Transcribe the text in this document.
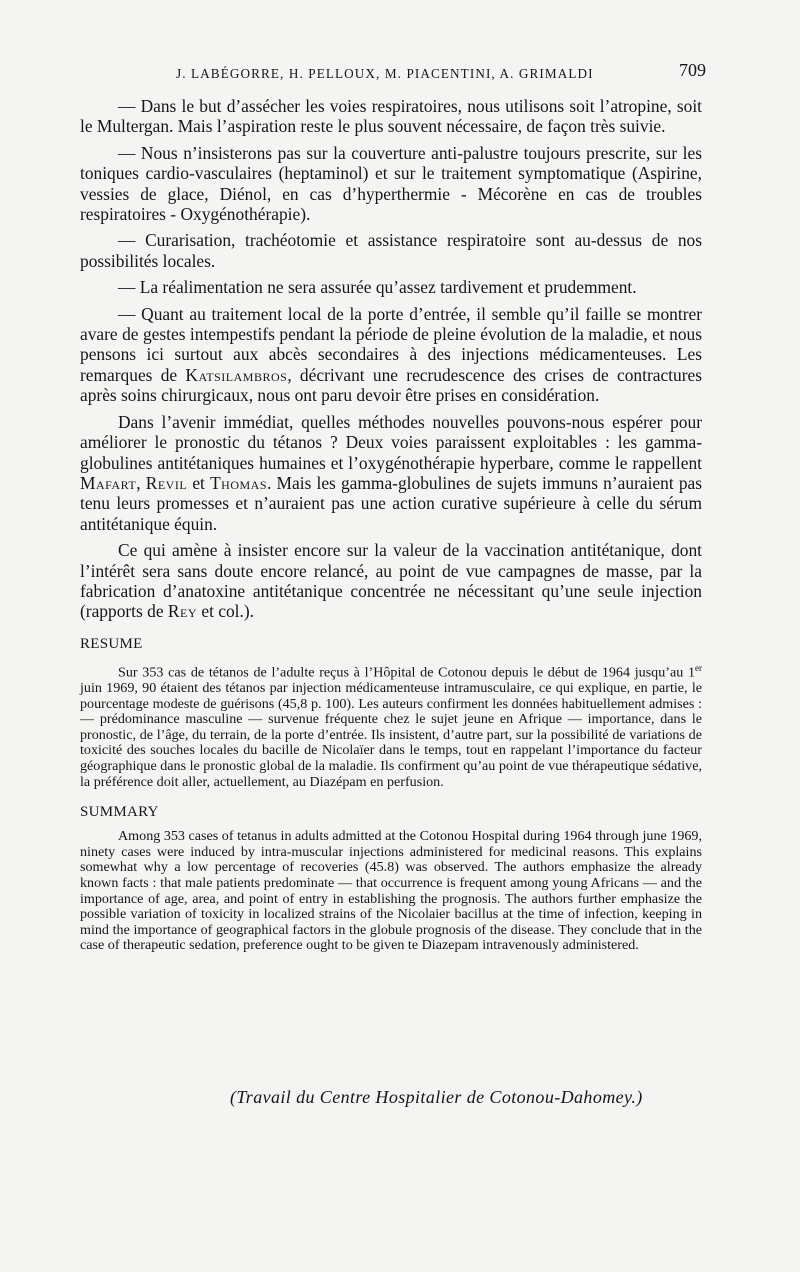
J. LABÉGORRE, H. PELLOUX, M. PIACENTINI, A. GRIMALDI	709

— Dans le but d’assécher les voies respiratoires, nous utilisons soit l’atropine, soit le Multergan. Mais l’aspiration reste le plus souvent nécessaire, de façon très suivie.

— Nous n’insisterons pas sur la couverture anti-palustre toujours prescrite, sur les toniques cardio-vasculaires (heptaminol) et sur le traitement symptomatique (Aspirine, vessies de glace, Diénol, en cas d’hyperthermie - Mécorène en cas de troubles respiratoires - Oxygénothérapie).

— Curarisation, trachéotomie et assistance respiratoire sont au-dessus de nos possibilités locales.

— La réalimentation ne sera assurée qu’assez tardivement et prudemment.

— Quant au traitement local de la porte d’entrée, il semble qu’il faille se montrer avare de gestes intempestifs pendant la période de pleine évolution de la maladie, et nous pensons ici surtout aux abcès secondaires à des injections médicamenteuses. Les remarques de Katsilambros, décrivant une recrudescence des crises de contractures après soins chirurgicaux, nous ont paru devoir être prises en considération.

Dans l’avenir immédiat, quelles méthodes nouvelles pouvons-nous espérer pour améliorer le pronostic du tétanos ? Deux voies paraissent exploitables : les gamma-globulines antitétaniques humaines et l’oxygénothérapie hyperbare, comme le rappellent Mafart, Revil et Thomas. Mais les gamma-globulines de sujets immuns n’auraient pas tenu leurs promesses et n’auraient pas une action curative supérieure à celle du sérum antitétanique équin.

Ce qui amène à insister encore sur la valeur de la vaccination antitétanique, dont l’intérêt sera sans doute encore relancé, au point de vue campagnes de masse, par la fabrication d’anatoxine antitétanique concentrée ne nécessitant qu’une seule injection (rapports de Rey et col.).

RESUME

Sur 353 cas de tétanos de l’adulte reçus à l’Hôpital de Cotonou depuis le début de 1964 jusqu’au 1er juin 1969, 90 étaient des tétanos par injection médicamenteuse intramusculaire, ce qui explique, en partie, le pourcentage modeste de guérisons (45,8 p. 100). Les auteurs confirment les données habituellement admises : — prédominance masculine — survenue fréquente chez le sujet jeune en Afrique — importance, dans le pronostic, de l’âge, du terrain, de la porte d’entrée. Ils insistent, d’autre part, sur la possibilité de variations de toxicité des souches locales du bacille de Nicolaïer dans le temps, tout en rappelant l’importance du facteur géographique dans le pronostic global de la maladie. Ils confirment qu’au point de vue thérapeutique sédative, la préférence doit aller, actuellement, au Diazépam en perfusion.

SUMMARY

Among 353 cases of tetanus in adults admitted at the Cotonou Hospital during 1964 through june 1969, ninety cases were induced by intra-muscular injections administered for medicinal reasons. This explains somewhat why a low percentage of recoveries (45.8) was observed. The authors emphasize the already known facts : that male patients predominate — that occurrence is frequent among young Africans — and the importance of age, area, and point of entry in establishing the prognosis. The authors further emphasize the possible variation of toxicity in localized strains of the Nicolaier bacillus at the time of infection, keeping in mind the importance of geographical factors in the globule prognosis of the disease. They conclude that in the case of therapeutic sedation, preference ought to be given te Diazepam intravenously administered.

(Travail du Centre Hospitalier de Cotonou-Dahomey.)
